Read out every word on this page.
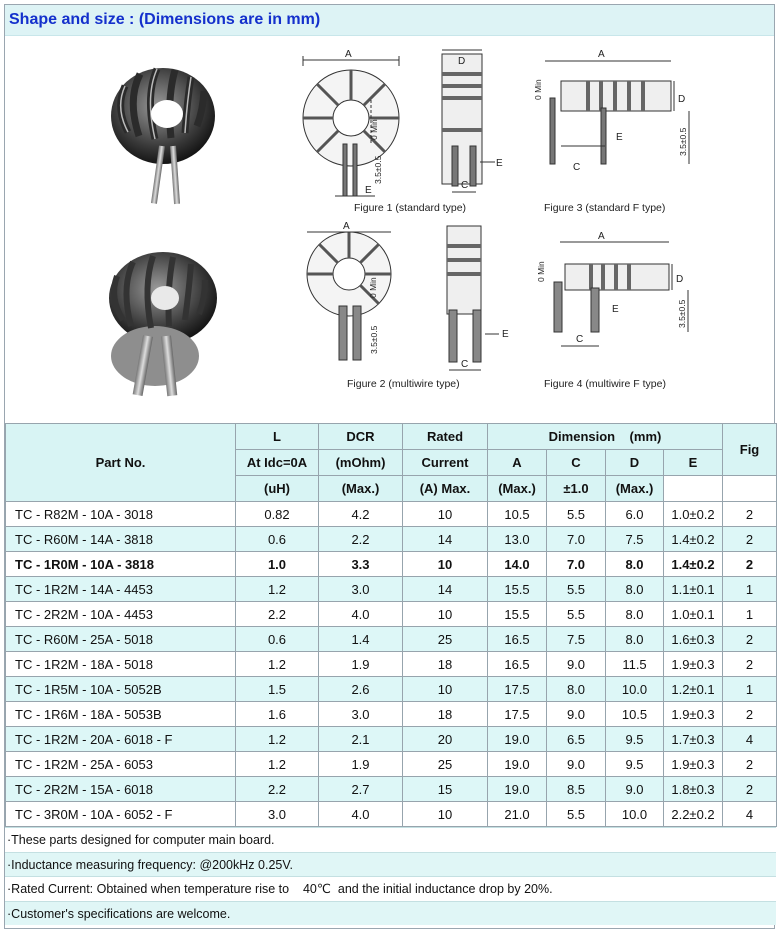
Shape and size : (Dimensions are in mm)
A
E
0 Min
3.5±0.5
D
C
E
Figure 1 (standard type)
A
0 Min	D
E
C
3.5±0.5
Figure 3 (standard F type)
A
0 Min
3.5±0.5	E
C
Figure 2 (multiwire type)
A
0 Min	D
E
C
3.5±0.5
Figure 4 (multiwire F type)
Part No.	L	DCR	Rated	Dimension    (mm)				Fig
	At Idc=0A	(mOhm)	Current	A	C	D	E	
	(uH)	(Max.)	(A) Max.	(Max.)	±1.0	(Max.)		
TC - R82M - 10A - 3018	0.82	4.2	10	10.5	5.5	6.0	1.0±0.2	2
TC - R60M - 14A - 3818	0.6	2.2	14	13.0	7.0	7.5	1.4±0.2	2
TC - 1R0M - 10A - 3818	1.0	3.3	10	14.0	7.0	8.0	1.4±0.2	2
TC - 1R2M - 14A - 4453	1.2	3.0	14	15.5	5.5	8.0	1.1±0.1	1
TC - 2R2M - 10A - 4453	2.2	4.0	10	15.5	5.5	8.0	1.0±0.1	1
TC - R60M - 25A - 5018	0.6	1.4	25	16.5	7.5	8.0	1.6±0.3	2
TC - 1R2M - 18A - 5018	1.2	1.9	18	16.5	9.0	11.5	1.9±0.3	2
TC - 1R5M - 10A - 5052B	1.5	2.6	10	17.5	8.0	10.0	1.2±0.1	1
TC - 1R6M - 18A - 5053B	1.6	3.0	18	17.5	9.0	10.5	1.9±0.3	2
TC - 1R2M - 20A - 6018 - F	1.2	2.1	20	19.0	6.5	9.5	1.7±0.3	4
TC - 1R2M - 25A - 6053	1.2	1.9	25	19.0	9.0	9.5	1.9±0.3	2
TC - 2R2M - 15A - 6018	2.2	2.7	15	19.0	8.5	9.0	1.8±0.3	2
TC - 3R0M - 10A - 6052 - F	3.0	4.0	10	21.0	5.5	10.0	2.2±0.2	4
·These parts designed for computer main board.
·Inductance measuring frequency: @200kHz 0.25V.
·Rated Current: Obtained when temperature rise to    40℃  and the initial inductance drop by 20%.
·Customer's specifications are welcome.
